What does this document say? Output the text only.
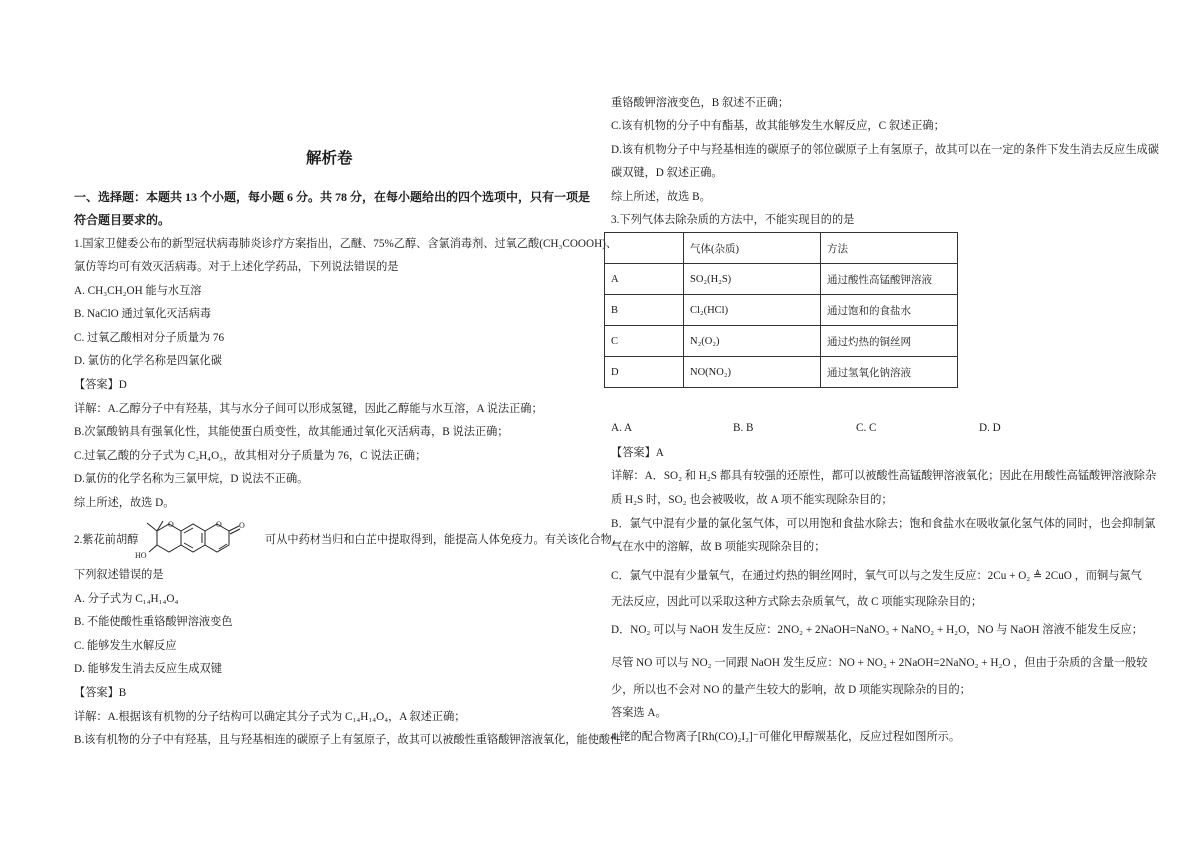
解析卷
一、选择题：本题共 13 个小题，每小题 6 分。共 78 分，在每小题给出的四个选项中，只有一项是
符合题目要求的。
1.国家卫健委公布的新型冠状病毒肺炎诊疗方案指出，乙醚、75%乙醇、含氯消毒剂、过氧乙酸(CH₃COOOH)、
氯仿等均可有效灭活病毒。对于上述化学药品，下列说法错误的是
A. CH₃CH₂OH 能与水互溶
B. NaClO 通过氧化灭活病毒
C. 过氧乙酸相对分子质量为 76
D. 氯仿的化学名称是四氯化碳
【答案】D
详解：A.乙醇分子中有羟基，其与水分子间可以形成氢键，因此乙醇能与水互溶，A 说法正确；
B.次氯酸钠具有强氧化性，其能使蛋白质变性，故其能通过氧化灭活病毒，B 说法正确；
C.过氧乙酸的分子式为 C₂H₄O₃，故其相对分子质量为 76，C 说法正确；
D.氯仿的化学名称为三氯甲烷，D 说法不正确。
综上所述，故选 D。
2.紫花前胡醇
O	O O
HO
可从中药材当归和白芷中提取得到，能提高人体免疫力。有关该化合物，
下列叙述错误的是
A. 分子式为 C₁₄H₁₄O₄
B. 不能使酸性重铬酸钾溶液变色
C. 能够发生水解反应
D. 能够发生消去反应生成双键
【答案】B
详解：A.根据该有机物的分子结构可以确定其分子式为 C₁₄H₁₄O₄，A 叙述正确；
B.该有机物的分子中有羟基，且与羟基相连的碳原子上有氢原子，故其可以被酸性重铬酸钾溶液氧化，能使酸性
重铬酸钾溶液变色，B 叙述不正确；
C.该有机物的分子中有酯基，故其能够发生水解反应，C 叙述正确；
D.该有机物分子中与羟基相连的碳原子的邻位碳原子上有氢原子，故其可以在一定的条件下发生消去反应生成碳
碳双键，D 叙述正确。
综上所述，故选 B。
3.下列气体去除杂质的方法中，不能实现目的的是
	气体(杂质)	方法
A	SO₂(H₂S)	通过酸性高锰酸钾溶液
B	Cl₂(HCl)	通过饱和的食盐水
C	N₂(O₂)	通过灼热的铜丝网
D	NO(NO₂)	通过氢氧化钠溶液
A. A	B. B	C. C	D. D
【答案】A
详解：A．SO₂ 和 H₂S 都具有较强的还原性，都可以被酸性高锰酸钾溶液氧化；因此在用酸性高锰酸钾溶液除杂
质 H₂S 时，SO₂ 也会被吸收，故 A 项不能实现除杂目的；
B．氯气中混有少量的氯化氢气体，可以用饱和食盐水除去；饱和食盐水在吸收氯化氢气体的同时，也会抑制氯
气在水中的溶解，故 B 项能实现除杂目的；
C．氯气中混有少量氧气，在通过灼热的铜丝网时，氧气可以与之发生反应：2Cu + O₂ ≜ 2CuO ，而铜与氮气
无法反应，因此可以采取这种方式除去杂质氧气，故 C 项能实现除杂目的；
D．NO₂ 可以与 NaOH 发生反应：2NO₂ + 2NaOH=NaNO₃ + NaNO₂ + H₂O，NO 与 NaOH 溶液不能发生反应；
尽管 NO 可以与 NO₂ 一同跟 NaOH 发生反应：NO + NO₂ + 2NaOH=2NaNO₂ + H₂O ，但由于杂质的含量一般较
少，所以也不会对 NO 的量产生较大的影响，故 D 项能实现除杂的目的；
答案选 A。
4.铑的配合物离子[Rh(CO)₂I₂]⁻可催化甲醇羰基化，反应过程如图所示。
